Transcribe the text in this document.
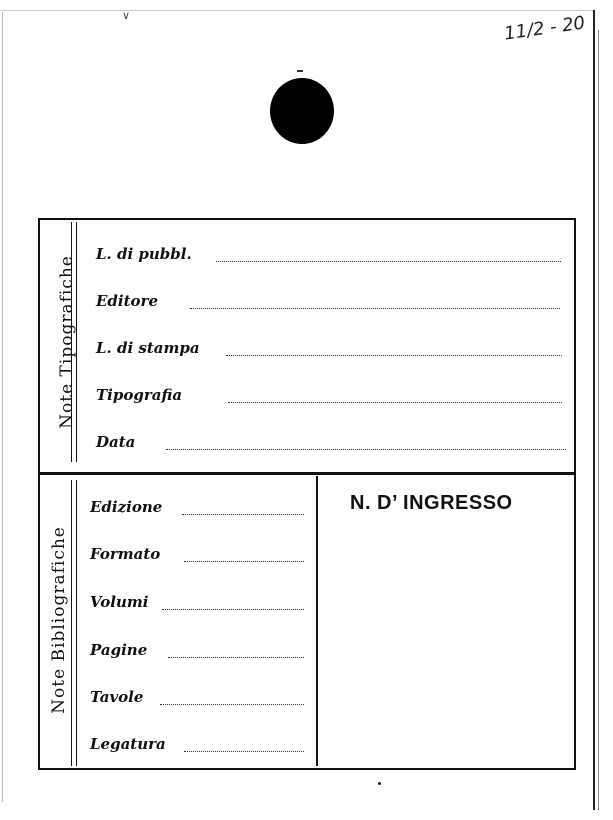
∨	11/2 - 20
Note Tipografiche
Note Bibliografiche
L. di pubbl.
Editore
L. di stampa
Tipografia
Data
Edizione
Formato
Volumi
Pagine
Tavole
Legatura
N. D’ INGRESSO
